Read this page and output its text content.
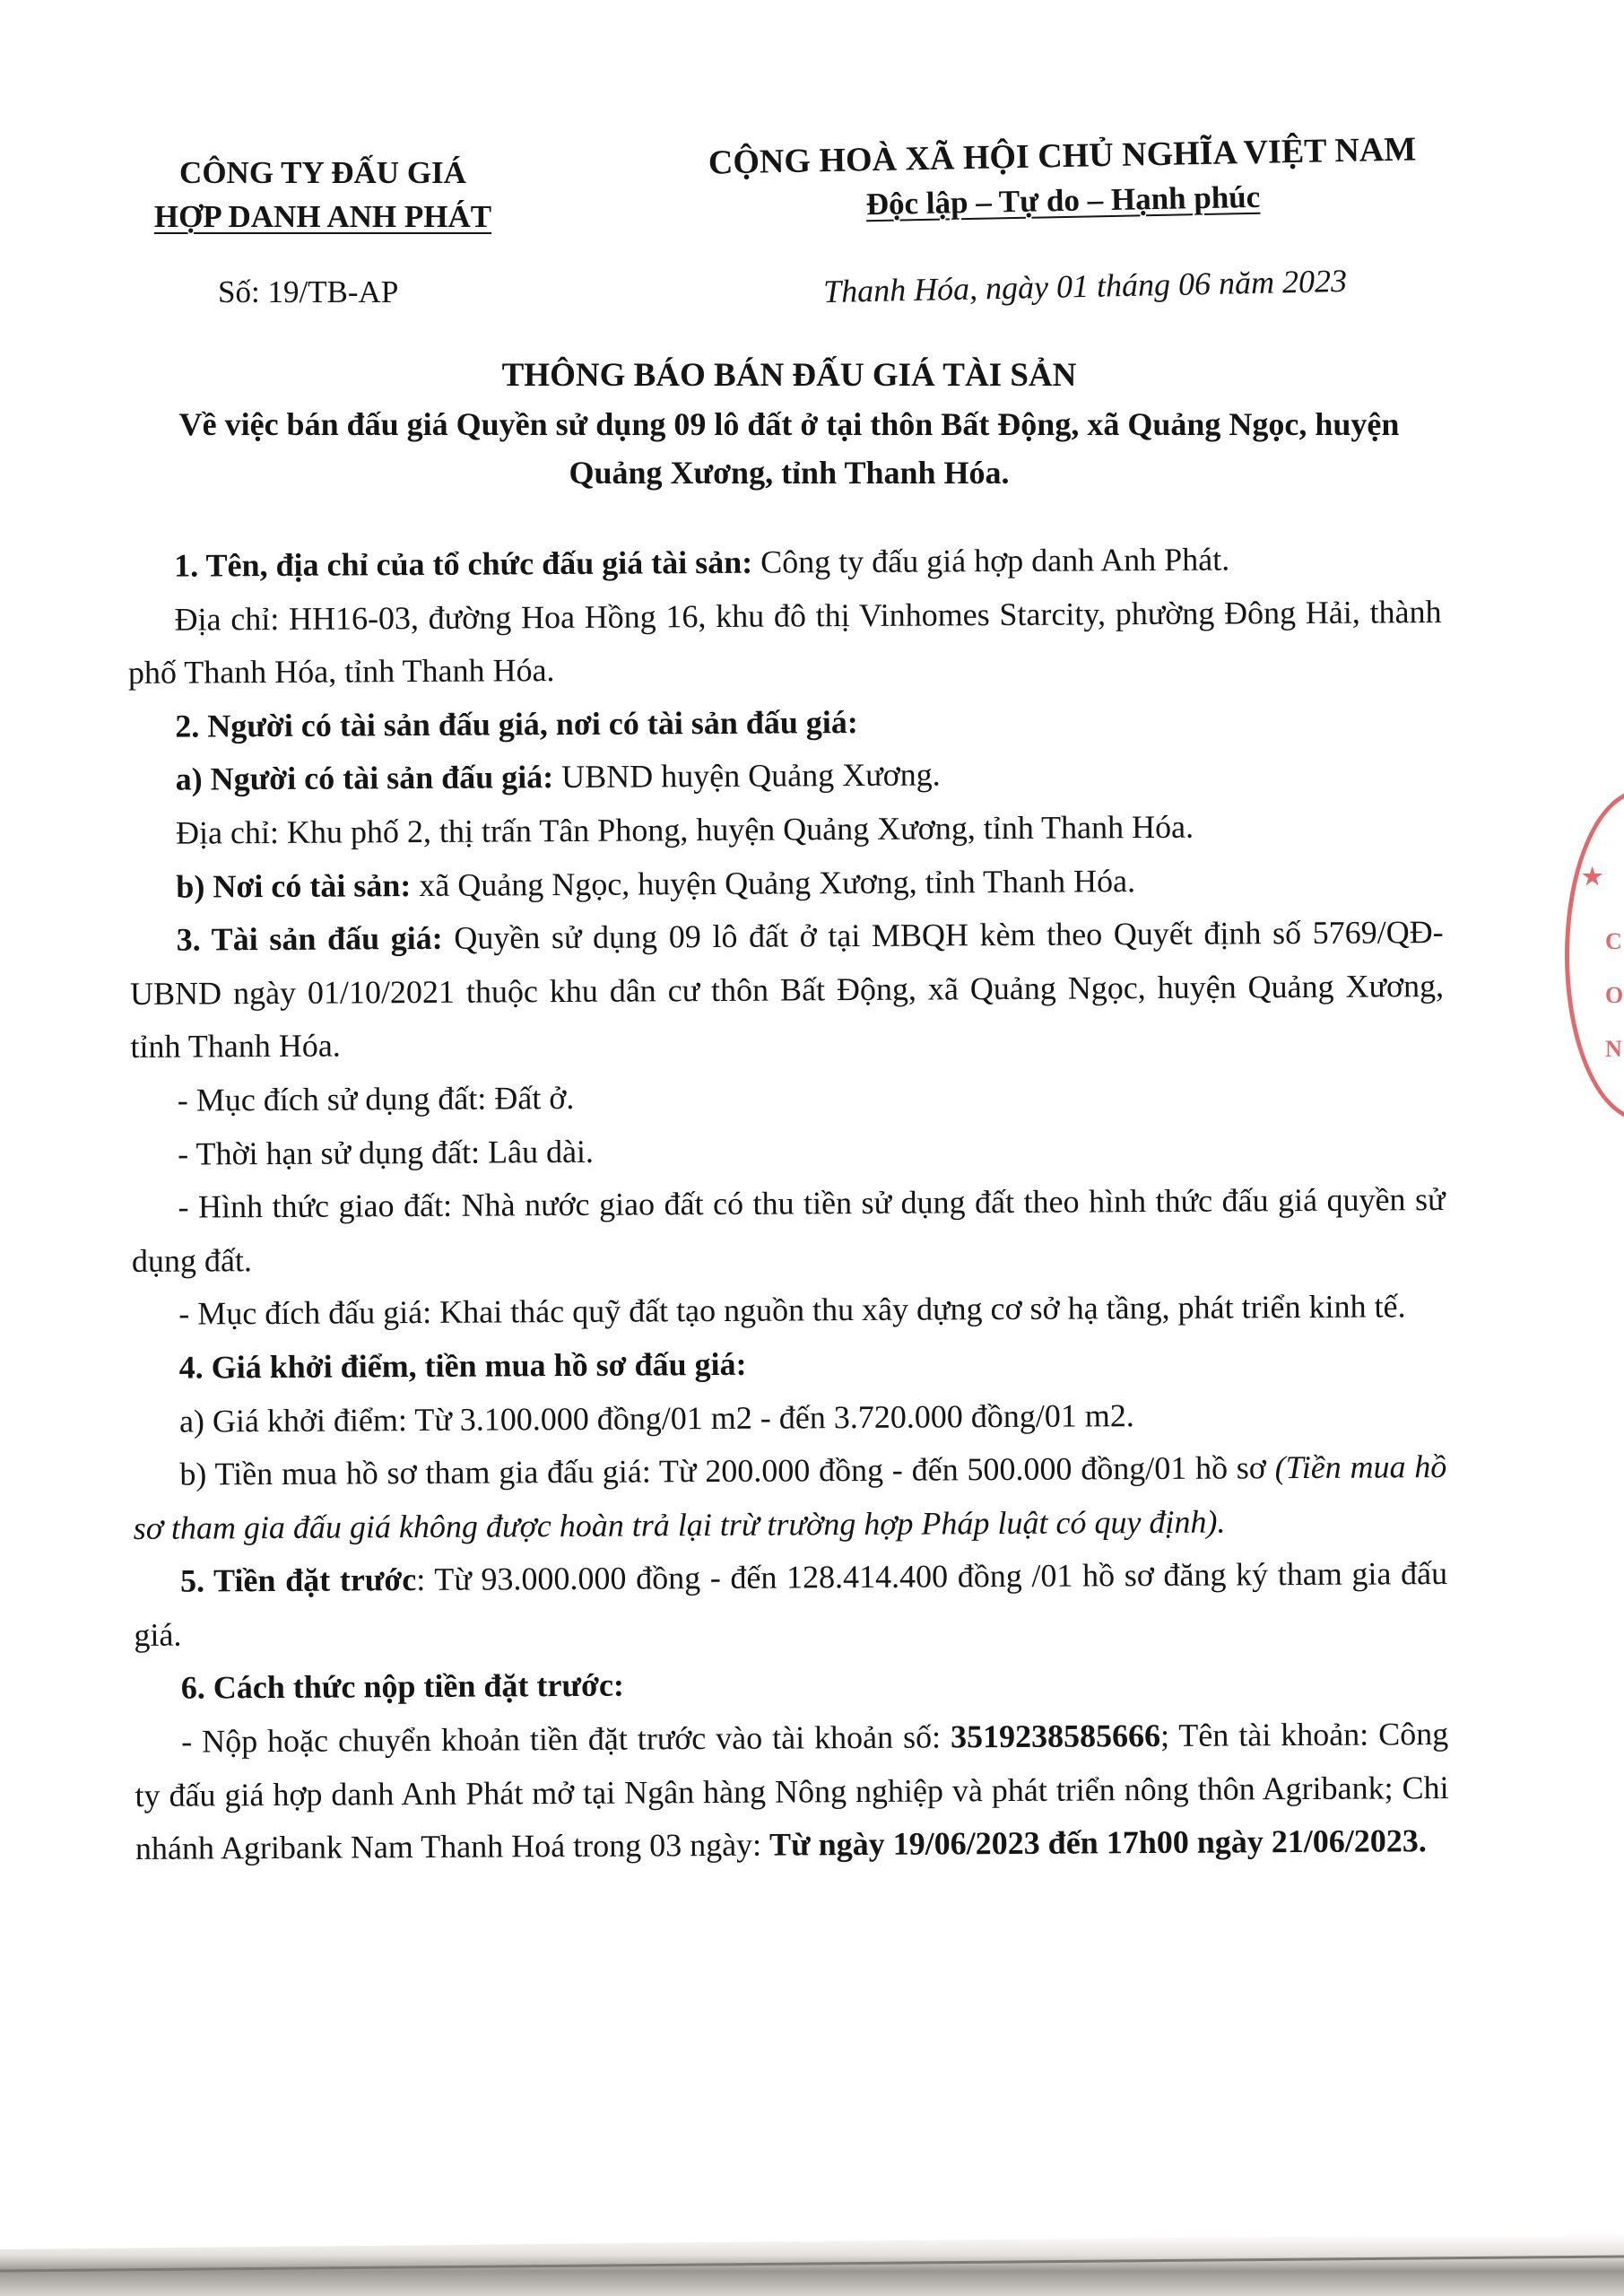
CÔNG TY ĐẤU GIÁ
HỢP DANH ANH PHÁT
CỘNG HOÀ XÃ HỘI CHỦ NGHĨA VIỆT NAM
Độc lập – Tự do – Hạnh phúc
Số: 19/TB-AP	Thanh Hóa, ngày 01 tháng 06 năm 2023
THÔNG BÁO BÁN ĐẤU GIÁ TÀI SẢN
Về việc bán đấu giá Quyền sử dụng 09 lô đất ở tại thôn Bất Động, xã Quảng Ngọc, huyện Quảng Xương, tỉnh Thanh Hóa.

1. Tên, địa chỉ của tổ chức đấu giá tài sản: Công ty đấu giá hợp danh Anh Phát.

Địa chỉ: HH16-03, đường Hoa Hồng 16, khu đô thị Vinhomes Starcity, phường Đông Hải, thành phố Thanh Hóa, tỉnh Thanh Hóa.

2. Người có tài sản đấu giá, nơi có tài sản đấu giá:

a) Người có tài sản đấu giá: UBND huyện Quảng Xương.

Địa chỉ: Khu phố 2, thị trấn Tân Phong, huyện Quảng Xương, tỉnh Thanh Hóa.

b) Nơi có tài sản: xã Quảng Ngọc, huyện Quảng Xương, tỉnh Thanh Hóa.

3. Tài sản đấu giá: Quyền sử dụng 09 lô đất ở tại MBQH kèm theo Quyết định số 5769/QĐ-UBND ngày 01/10/2021 thuộc khu dân cư thôn Bất Động, xã Quảng Ngọc, huyện Quảng Xương, tỉnh Thanh Hóa.

- Mục đích sử dụng đất: Đất ở.

- Thời hạn sử dụng đất: Lâu dài.

- Hình thức giao đất: Nhà nước giao đất có thu tiền sử dụng đất theo hình thức đấu giá quyền sử dụng đất.

- Mục đích đấu giá: Khai thác quỹ đất tạo nguồn thu xây dựng cơ sở hạ tầng, phát triển kinh tế.

4. Giá khởi điểm, tiền mua hồ sơ đấu giá:

a) Giá khởi điểm: Từ 3.100.000 đồng/01 m2 - đến 3.720.000 đồng/01 m2.

b) Tiền mua hồ sơ tham gia đấu giá: Từ 200.000 đồng - đến 500.000 đồng/01 hồ sơ (Tiền mua hồ sơ tham gia đấu giá không được hoàn trả lại trừ trường hợp Pháp luật có quy định).

5. Tiền đặt trước: Từ 93.000.000 đồng - đến 128.414.400 đồng /01 hồ sơ đăng ký tham gia đấu giá.

6. Cách thức nộp tiền đặt trước:

- Nộp hoặc chuyển khoản tiền đặt trước vào tài khoản số: 3519238585666; Tên tài khoản: Công ty đấu giá hợp danh Anh Phát mở tại Ngân hàng Nông nghiệp và phát triển nông thôn Agribank; Chi nhánh Agribank Nam Thanh Hoá trong 03 ngày: Từ ngày 19/06/2023 đến 17h00 ngày 21/06/2023.

★
C
O
N
